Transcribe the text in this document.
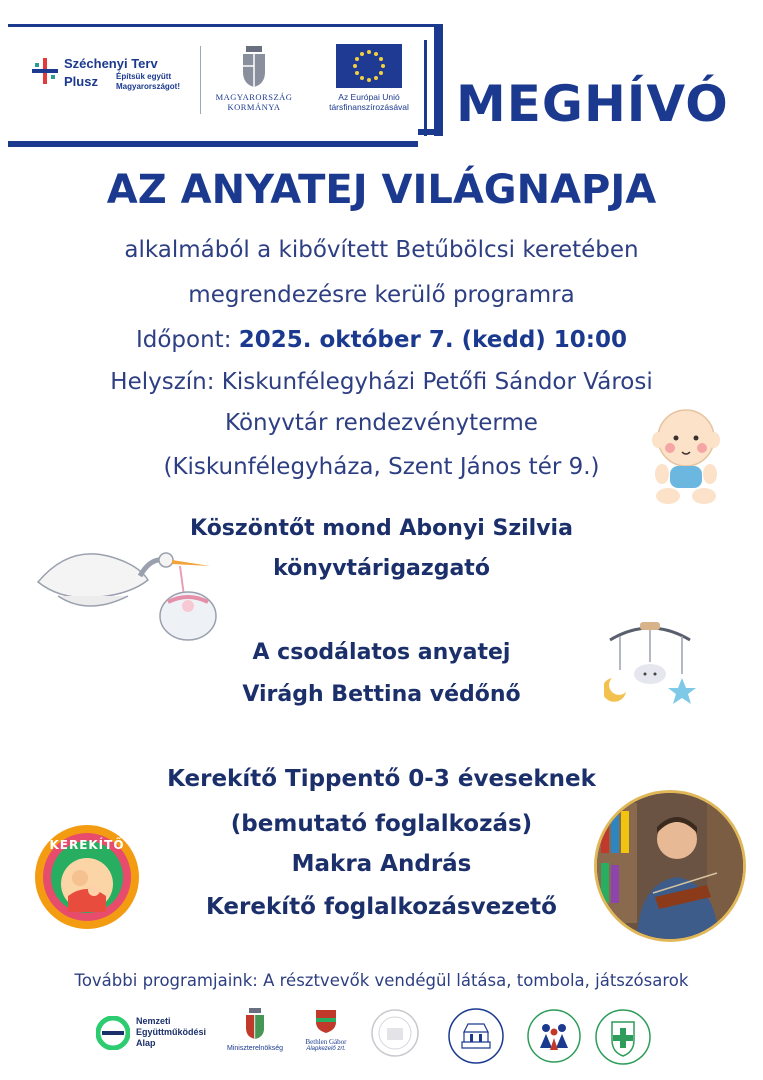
Széchenyi Terv
Plusz Építsük együtt Magyarországot!
MAGYARORSZÁG
KORMÁNYA
Az Európai Unió
társfinanszírozásával MEGHÍVÓ
AZ ANYATEJ VILÁGNAPJA
alkalmából a kibővített Betűbölcsi keretében
megrendezésre kerülő programra
Időpont: 2025. október 7. (kedd) 10:00
Helyszín: Kiskunfélegyházi Petőfi Sándor Városi
Könyvtár rendezvényterme
(Kiskunfélegyháza, Szent János tér 9.)
Köszöntőt mond Abonyi Szilvia
könyvtárigazgató
A csodálatos anyatej
Virágh Bettina védőnő
Kerekítő Tippentő 0-3 éveseknek
(bemutató foglalkozás)
Makra András
Kerekítő foglalkozásvezető
KEREKÍTŐ
További programjaink: A résztvevők vendégül látása, tombola, játszósarok
Nemzeti
Együttműködési
Alap
Miniszterelnökség
Bethlen Gábor
Alapkezelő zrt.
